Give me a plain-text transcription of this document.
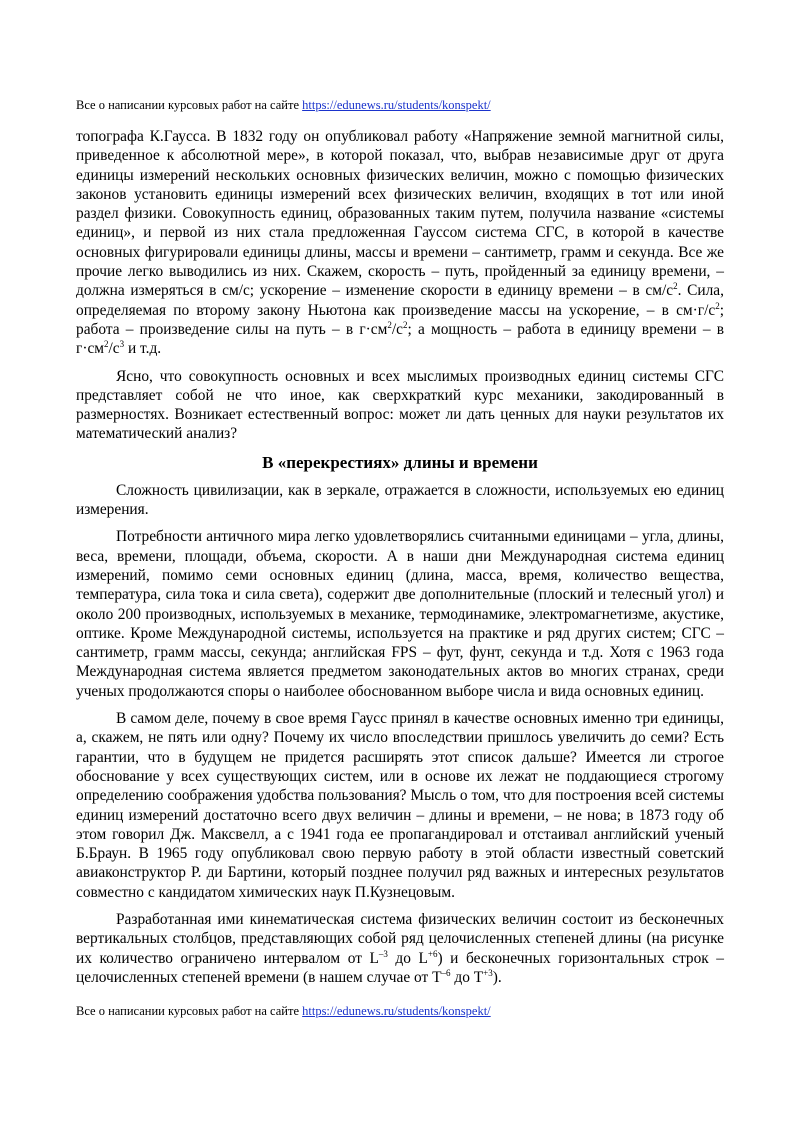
Все о написании курсовых работ на сайте https://edunews.ru/students/konspekt/

топографа К.Гаусса. В 1832 году он опубликовал работу «Напряжение земной магнитной силы, приведенное к абсолютной мере», в которой показал, что, выбрав независимые друг от друга единицы измерений нескольких основных физических величин, можно с помощью физических законов установить единицы измерений всех физических величин, входящих в тот или иной раздел физики. Совокупность единиц, образованных таким путем, получила название «системы единиц», и первой из них стала предложенная Гауссом система СГС, в которой в качестве основных фигурировали единицы длины, массы и времени – сантиметр, грамм и секунда. Все же прочие легко выводились из них. Скажем, скорость – путь, пройденный за единицу времени, – должна измеряться в см/с; ускорение – изменение скорости в единицу времени – в $см/с^2$. Сила, определяемая по второму закону Ньютона как произведение массы на ускорение, – в $см\cdot г/с^2$; работа – произведение силы на путь – в $г\cdot см^2/с^2$; а мощность – работа в единицу времени – в $г\cdot см^2/с^3$ и т.д.

Ясно, что совокупность основных и всех мыслимых производных единиц системы СГС представляет собой не что иное, как сверхкраткий курс механики, закодированный в размерностях. Возникает естественный вопрос: может ли дать ценных для науки результатов их математический анализ?

В «перекрестиях» длины и времени

Сложность цивилизации, как в зеркале, отражается в сложности, используемых ею единиц измерения.

Потребности античного мира легко удовлетворялись считанными единицами – угла, длины, веса, времени, площади, объема, скорости. А в наши дни Международная система единиц измерений, помимо семи основных единиц (длина, масса, время, количество вещества, температура, сила тока и сила света), содержит две дополнительные (плоский и телесный угол) и около 200 производных, используемых в механике, термодинамике, электромагнетизме, акустике, оптике. Кроме Международной системы, используется на практике и ряд других систем; СГС – сантиметр, грамм массы, секунда; английская FPS – фут, фунт, секунда и т.д. Хотя с 1963 года Международная система является предметом законодательных актов во многих странах, среди ученых продолжаются споры о наиболее обоснованном выборе числа и вида основных единиц.

В самом деле, почему в свое время Гаусс принял в качестве основных именно три единицы, а, скажем, не пять или одну? Почему их число впоследствии пришлось увеличить до семи? Есть гарантии, что в будущем не придется расширять этот список дальше? Имеется ли строгое обоснование у всех существующих систем, или в основе их лежат не поддающиеся строгому определению соображения удобства пользования? Мысль о том, что для построения всей системы единиц измерений достаточно всего двух величин – длины и времени, – не нова; в 1873 году об этом говорил Дж. Максвелл, а с 1941 года ее пропагандировал и отстаивал английский ученый Б.Браун. В 1965 году опубликовал свою первую работу в этой области известный советский авиаконструктор Р. ди Бартини, который позднее получил ряд важных и интересных результатов совместно с кандидатом химических наук П.Кузнецовым.

Разработанная ими кинематическая система физических величин состоит из бесконечных вертикальных столбцов, представляющих собой ряд целочисленных степеней длины (на рисунке их количество ограничено интервалом от $L^{-3}$ до $L^{+6}$) и бесконечных горизонтальных строк – целочисленных степеней времени (в нашем случае от $T^{-6}$ до $T^{+3}$).

Все о написании курсовых работ на сайте https://edunews.ru/students/konspekt/
